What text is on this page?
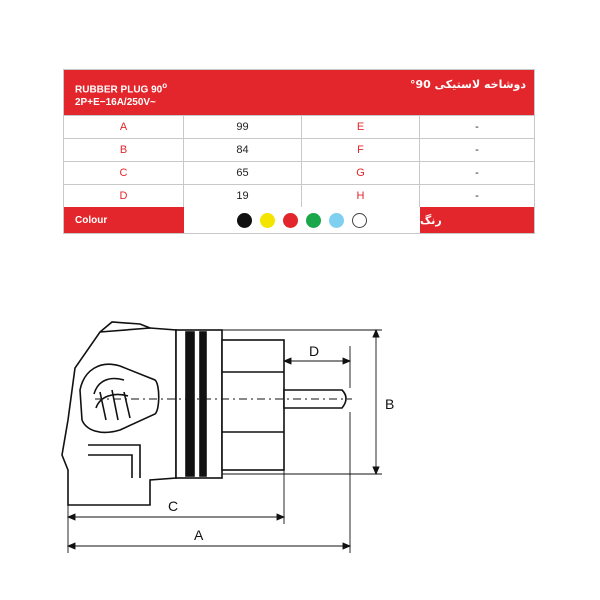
RUBBER PLUG 90$^o$
2P+E−16A/250V~
دوشاخه لاستیکی 90°
A	99	E	-
B	84	F	-
C	65	G	-
D	19	H	-
Colour	رنگ
D
B
C
A
